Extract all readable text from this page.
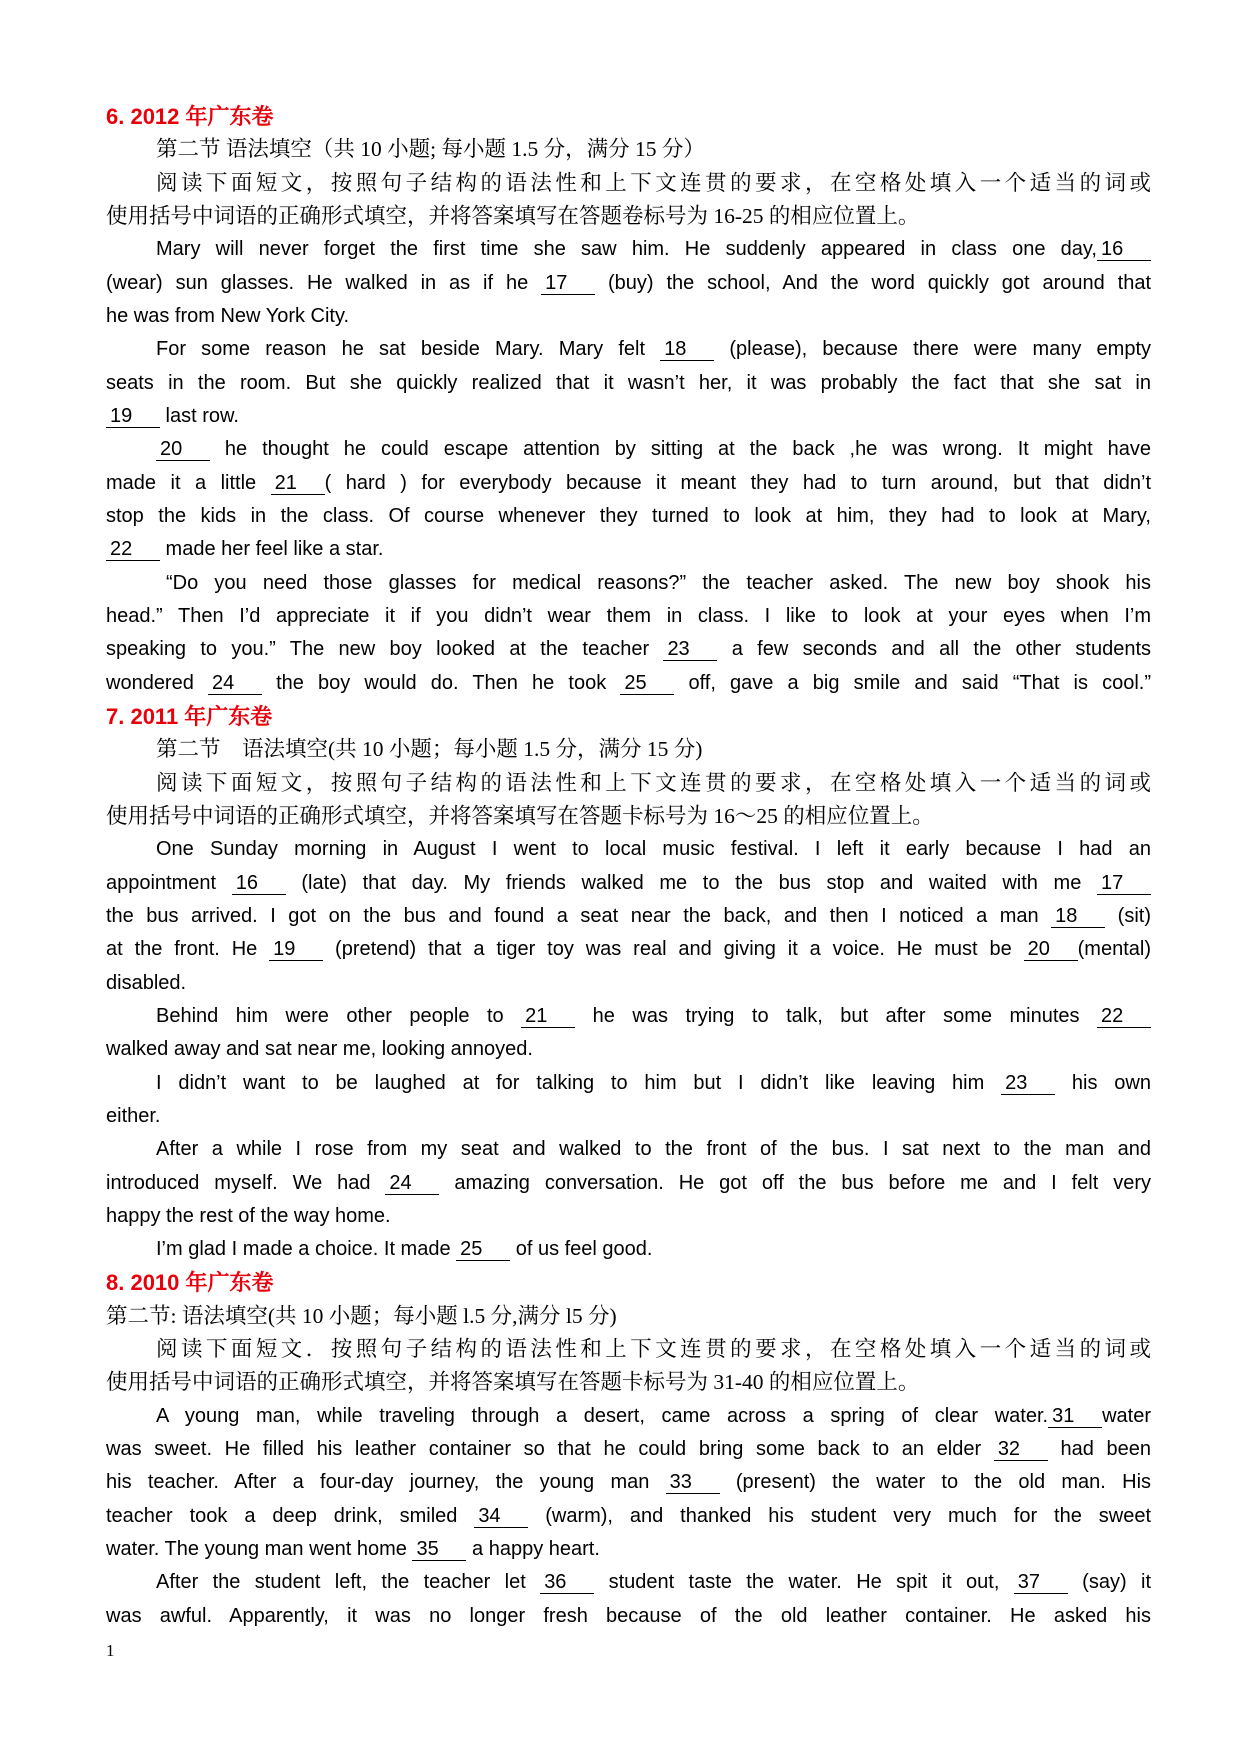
6. 2012 年广东卷
第二节 语法填空（共 10 小题; 每小题 1.5 分，满分 15 分）
阅读下面短文，按照句子结构的语法性和上下文连贯的要求，在空格处填入一个适当的词或
使用括号中词语的正确形式填空，并将答案填写在答题卷标号为 16-25 的相应位置上。
Mary will never forget the first time she saw him. He suddenly appeared in class one day, 16
(wear) sun glasses. He walked in as if he 17 (buy) the school, And the word quickly got around that
he was from New York City.
For some reason he sat beside Mary. Mary felt 18 (please), because there were many empty
seats in the room. But she quickly realized that it wasn’t her, it was probably the fact that she sat in
19 last row.
20 he thought he could escape attention by sitting at the back ,he was wrong. It might have
made it a little 21 ( hard ) for everybody because it meant they had to turn around, but that didn’t
stop the kids in the class. Of course whenever they turned to look at him, they had to look at Mary,
22 made her feel like a star.
“Do you need those glasses for medical reasons?” the teacher asked. The new boy shook his
head.” Then I’d appreciate it if you didn’t wear them in class. I like to look at your eyes when I’m
speaking to you.” The new boy looked at the teacher 23 a few seconds and all the other students
wondered 24 the boy would do. Then he took 25 off, gave a big smile and said “That is cool.”
7. 2011 年广东卷
第二节　语法填空(共 10 小题；每小题 1.5 分，满分 15 分)
阅读下面短文，按照句子结构的语法性和上下文连贯的要求，在空格处填入一个适当的词或
使用括号中词语的正确形式填空，并将答案填写在答题卡标号为 16～25 的相应位置上。
One Sunday morning in August I went to local music festival. I left it early because I had an
appointment 16 (late) that day. My friends walked me to the bus stop and waited with me 17
the bus arrived. I got on the bus and found a seat near the back, and then I noticed a man 18 (sit)
at the front. He 19 (pretend) that a tiger toy was real and giving it a voice. He must be 20 (mental)
disabled.
Behind him were other people to 21 he was trying to talk, but after some minutes 22
walked away and sat near me, looking annoyed.
I didn’t want to be laughed at for talking to him but I didn’t like leaving him 23 his own
either.
After a while I rose from my seat and walked to the front of the bus. I sat next to the man and
introduced myself. We had 24 amazing conversation. He got off the bus before me and I felt very
happy the rest of the way home.
I’m glad I made a choice. It made 25 of us feel good.
8. 2010 年广东卷
第二节: 语法填空(共 10 小题；每小题 l.5 分,满分 l5 分)
阅读下面短文．按照句子结构的语法性和上下文连贯的要求，在空格处填入一个适当的词或
使用括号中词语的正确形式填空，并将答案填写在答题卡标号为 31-40 的相应位置上。
A young man, while traveling through a desert, came across a spring of clear water. 31 water
was sweet. He filled his leather container so that he could bring some back to an elder 32 had been
his teacher. After a four-day journey, the young man 33 (present) the water to the old man. His
teacher took a deep drink, smiled 34 (warm), and thanked his student very much for the sweet
water. The young man went home 35 a happy heart.
After the student left, the teacher let 36 student taste the water. He spit it out, 37 (say) it
was awful. Apparently, it was no longer fresh because of the old leather container. He asked his
1
